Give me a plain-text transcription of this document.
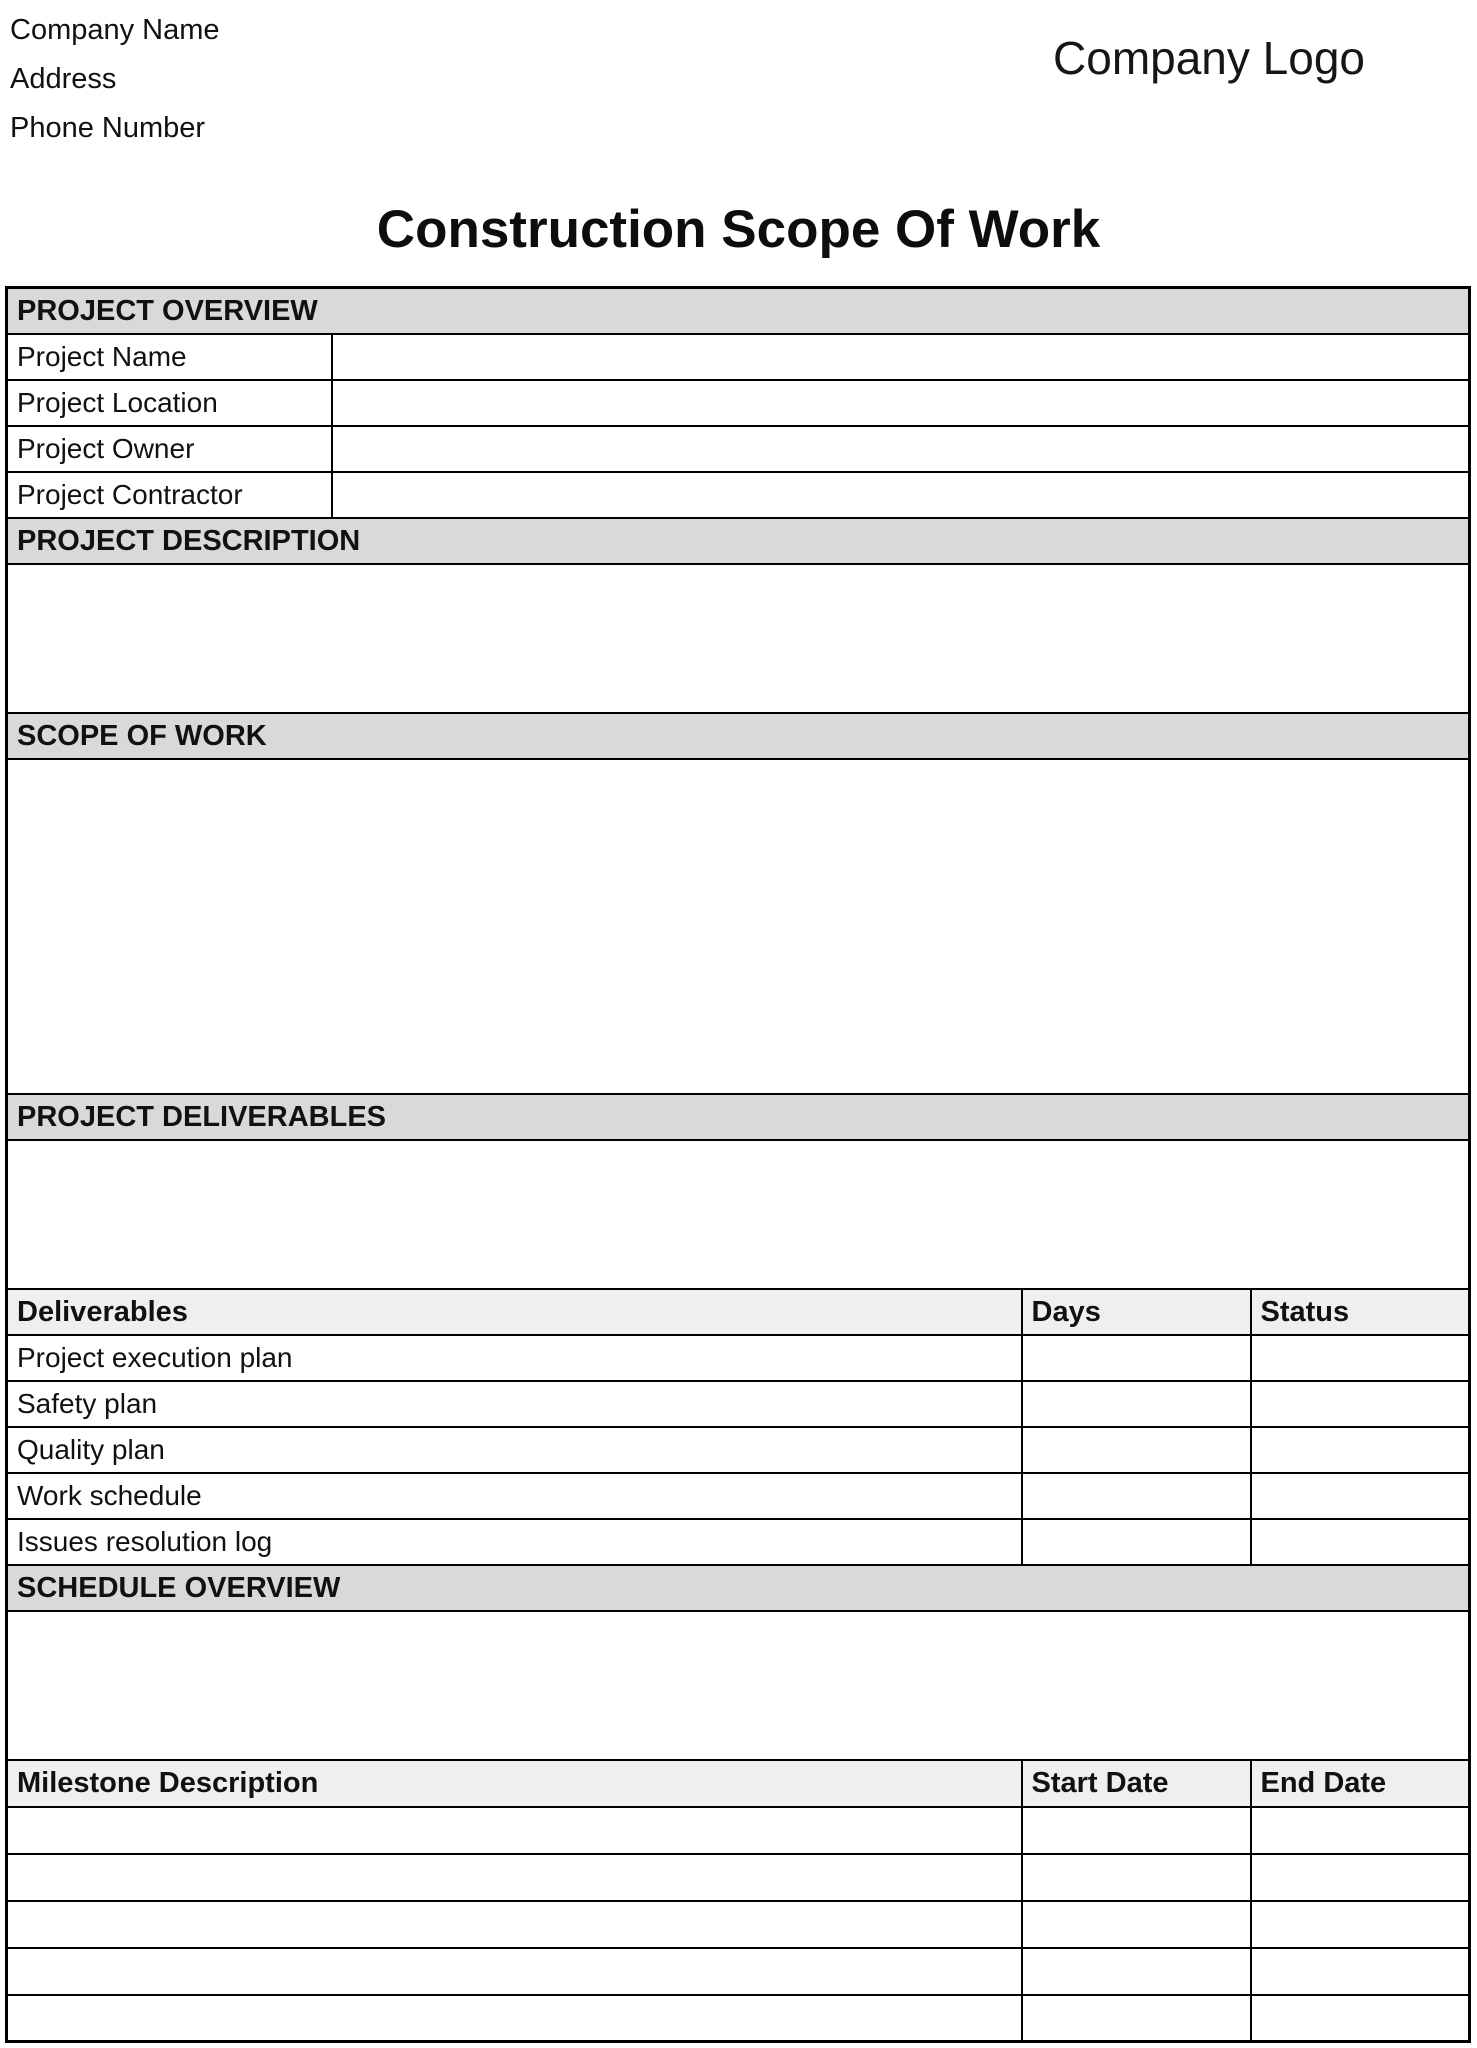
Company Name
Address
Phone Number
Company Logo
Construction Scope Of Work
PROJECT OVERVIEW			
Project Name			
Project Location			
Project Owner			
Project Contractor			
PROJECT DESCRIPTION			

SCOPE OF WORK			

PROJECT DELIVERABLES			

Deliverables		Days	Status
Project execution plan			
Safety plan			
Quality plan			
Work schedule			
Issues resolution log			
SCHEDULE OVERVIEW			

Milestone Description		Start Date	End Date
